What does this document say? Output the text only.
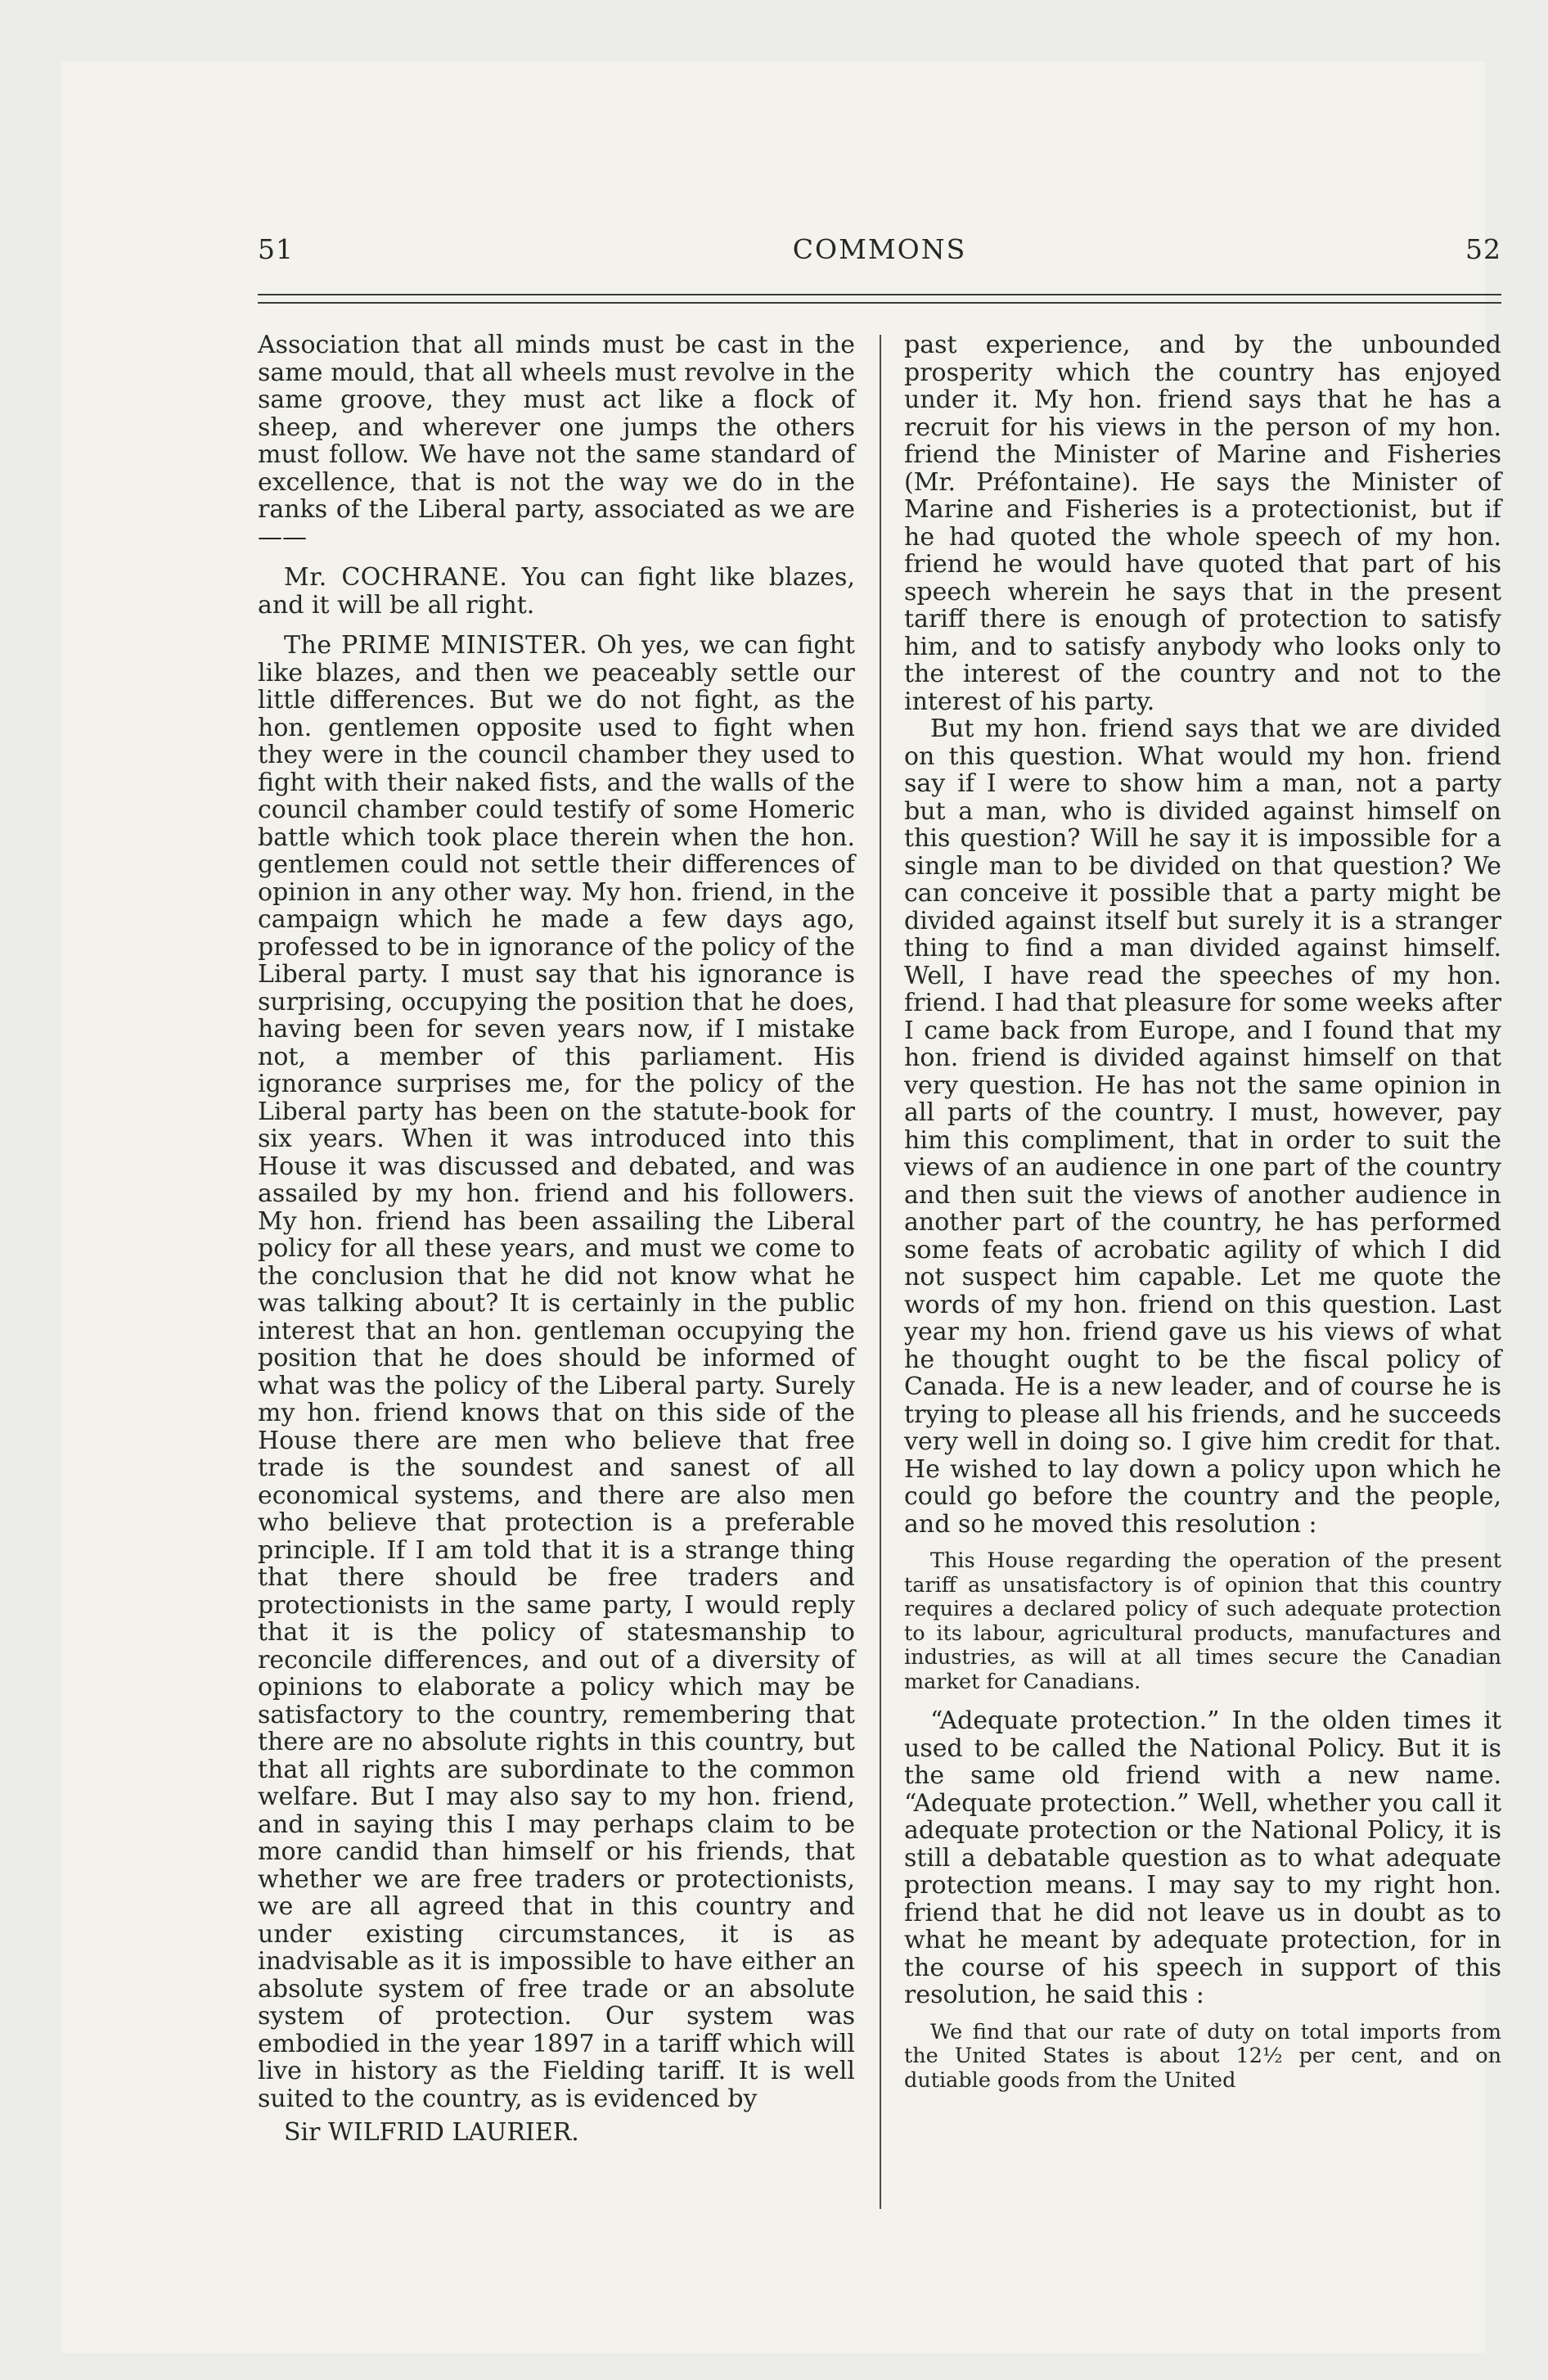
51	COMMONS	52

Association that all minds must be cast in the same mould, that all wheels must revolve in the same groove, they must act like a flock of sheep, and wherever one jumps the others must follow. We have not the same standard of excellence, that is not the way we do in the ranks of the Liberal party, associated as we are——

Mr. COCHRANE. You can fight like blazes, and it will be all right.

The PRIME MINISTER. Oh yes, we can fight like blazes, and then we peaceably settle our little differences. But we do not fight, as the hon. gentlemen opposite used to fight when they were in the council chamber they used to fight with their naked fists, and the walls of the council chamber could testify of some Homeric battle which took place therein when the hon. gentlemen could not settle their differences of opinion in any other way. My hon. friend, in the campaign which he made a few days ago, professed to be in ignorance of the policy of the Liberal party. I must say that his ignorance is surprising, occupying the position that he does, having been for seven years now, if I mistake not, a member of this parliament. His ignorance surprises me, for the policy of the Liberal party has been on the statute-book for six years. When it was introduced into this House it was discussed and debated, and was assailed by my hon. friend and his followers. My hon. friend has been assailing the Liberal policy for all these years, and must we come to the conclusion that he did not know what he was talking about? It is certainly in the public interest that an hon. gentleman occupying the position that he does should be informed of what was the policy of the Liberal party. Surely my hon. friend knows that on this side of the House there are men who believe that free trade is the soundest and sanest of all economical systems, and there are also men who believe that protection is a preferable principle. If I am told that it is a strange thing that there should be free traders and protectionists in the same party, I would reply that it is the policy of statesmanship to reconcile differences, and out of a diversity of opinions to elaborate a policy which may be satisfactory to the country, remembering that there are no absolute rights in this country, but that all rights are subordinate to the common welfare. But I may also say to my hon. friend, and in saying this I may perhaps claim to be more candid than himself or his friends, that whether we are free traders or protectionists, we are all agreed that in this country and under existing circumstances, it is as inadvisable as it is impossible to have either an absolute system of free trade or an absolute system of protection. Our system was embodied in the year 1897 in a tariff which will live in history as the Fielding tariff. It is well suited to the country, as is evidenced by

Sir WILFRID LAURIER.

past experience, and by the unbounded prosperity which the country has enjoyed under it. My hon. friend says that he has a recruit for his views in the person of my hon. friend the Minister of Marine and Fisheries (Mr. Préfontaine). He says the Minister of Marine and Fisheries is a protectionist, but if he had quoted the whole speech of my hon. friend he would have quoted that part of his speech wherein he says that in the present tariff there is enough of protection to satisfy him, and to satisfy anybody who looks only to the interest of the country and not to the interest of his party.

But my hon. friend says that we are divided on this question. What would my hon. friend say if I were to show him a man, not a party but a man, who is divided against himself on this question? Will he say it is impossible for a single man to be divided on that question? We can conceive it possible that a party might be divided against itself but surely it is a stranger thing to find a man divided against himself. Well, I have read the speeches of my hon. friend. I had that pleasure for some weeks after I came back from Europe, and I found that my hon. friend is divided against himself on that very question. He has not the same opinion in all parts of the country. I must, however, pay him this compliment, that in order to suit the views of an audience in one part of the country and then suit the views of another audience in another part of the country, he has performed some feats of acrobatic agility of which I did not suspect him capable. Let me quote the words of my hon. friend on this question. Last year my hon. friend gave us his views of what he thought ought to be the fiscal policy of Canada. He is a new leader, and of course he is trying to please all his friends, and he succeeds very well in doing so. I give him credit for that. He wished to lay down a policy upon which he could go before the country and the people, and so he moved this resolution :

This House regarding the operation of the present tariff as unsatisfactory is of opinion that this country requires a declared policy of such adequate protection to its labour, agricultural products, manufactures and industries, as will at all times secure the Canadian market for Canadians.

“Adequate protection.” In the olden times it used to be called the National Policy. But it is the same old friend with a new name. “Adequate protection.” Well, whether you call it adequate protection or the National Policy, it is still a debatable question as to what adequate protection means. I may say to my right hon. friend that he did not leave us in doubt as to what he meant by adequate protection, for in the course of his speech in support of this resolution, he said this :

We find that our rate of duty on total imports from the United States is about 12½ per cent, and on dutiable goods from the United
